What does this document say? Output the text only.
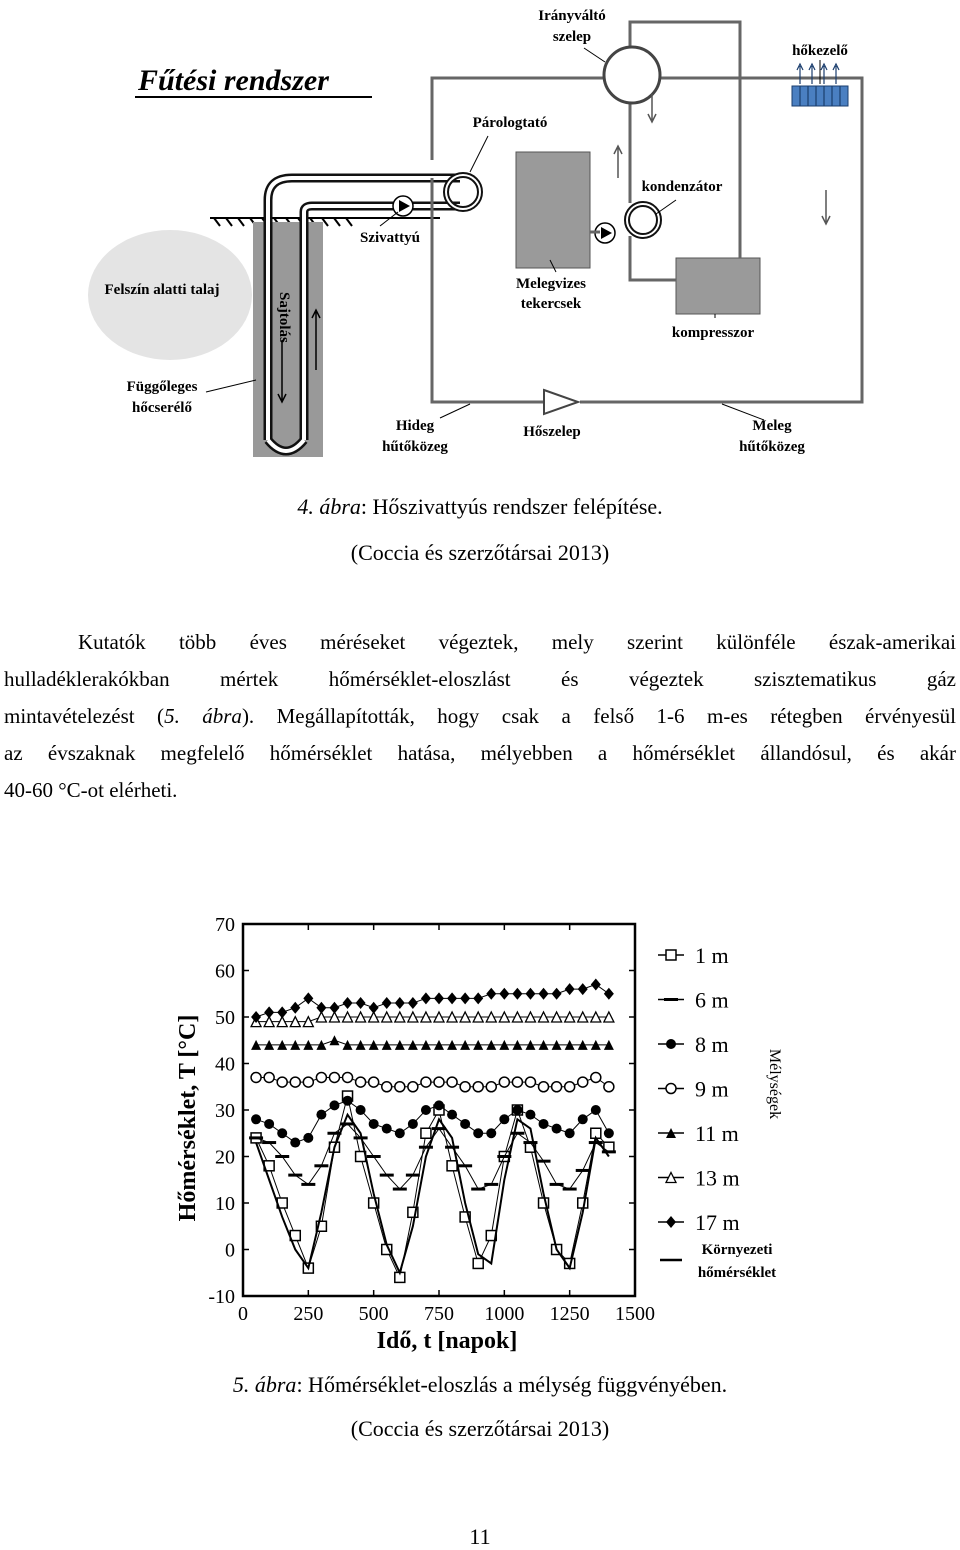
Fűtési rendszer
Sajtolás
Irányváltó
szelep
hőkezelő
Párologtató
kondenzátor
Szivattyú
Melegvizes
tekercsek
kompresszor
Felszín alatti talaj
Függőleges
hőcserélő
Hideg
hűtőközeg
Hőszelep	Meleg
hűtőközeg
4. ábra: Hőszivattyús rendszer felépítése.
(Coccia és szerzőtársai 2013)
Kutatók több éves méréseket végeztek, mely szerint különféle észak-amerikai
hulladéklerakókban mértek hőmérséklet-eloszlást és végeztek szisztematikus gáz
mintavételezést (5. ábra). Megállapították, hogy csak a felső 1-6 m-es rétegben érvényesül
az évszaknak megfelelő hőmérséklet hatása, mélyebben a hőmérséklet állandósul, és akár
40-60 °C-ot elérheti.
-10
0
10
20
30
40
50
60
70
0 250 500 750 1000 1250 1500
Idő, t [napok]
Hőmérséklet, T [°C]
1 m
6 m
8 m
9 m
11 m
13 m
17 m
Környezeti
hőmérséklet
Mélységek
5. ábra: Hőmérséklet-eloszlás a mélység függvényében.
(Coccia és szerzőtársai 2013)
11
